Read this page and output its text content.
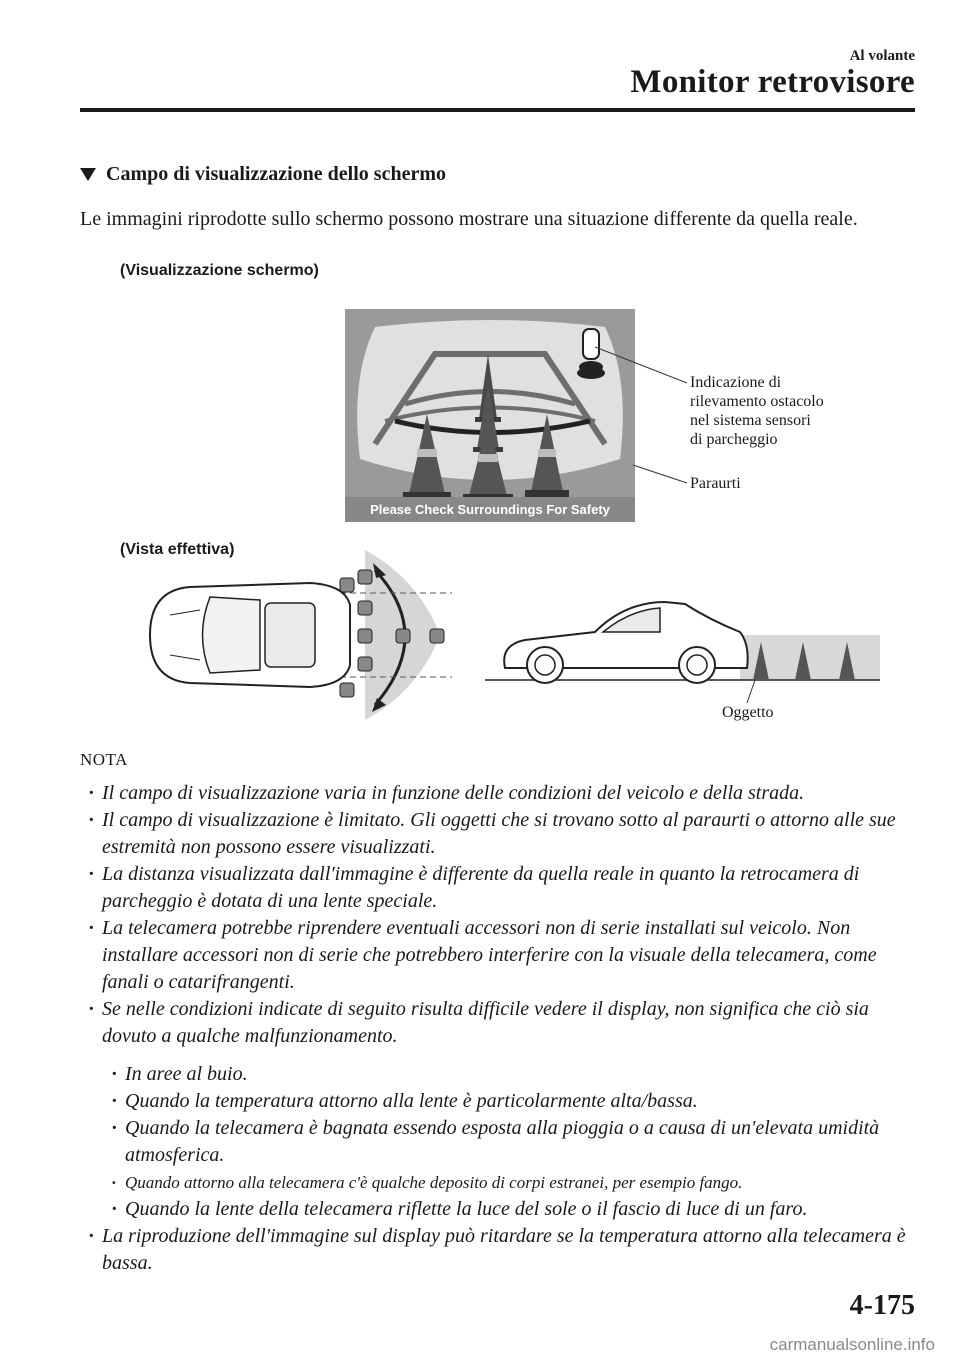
Al volante
Monitor retrovisore
Campo di visualizzazione dello schermo
Le immagini riprodotte sullo schermo possono mostrare una situazione differente da quella reale.
(Visualizzazione schermo)
Please Check Surroundings For Safety
Indicazione di
rilevamento ostacolo
nel sistema sensori
di parcheggio
Paraurti
(Vista effettiva)
Oggetto
NOTA
· Il campo di visualizzazione varia in funzione delle condizioni del veicolo e della strada.
· Il campo di visualizzazione è limitato. Gli oggetti che si trovano sotto al paraurti o attorno alle sue estremità non possono essere visualizzati.
· La distanza visualizzata dall'immagine è differente da quella reale in quanto la retrocamera di parcheggio è dotata di una lente speciale.
· La telecamera potrebbe riprendere eventuali accessori non di serie installati sul veicolo. Non installare accessori non di serie che potrebbero interferire con la visuale della telecamera, come fanali o catarifrangenti.
· Se nelle condizioni indicate di seguito risulta difficile vedere il display, non significa che ciò sia dovuto a qualche malfunzionamento.
· In aree al buio.
· Quando la temperatura attorno alla lente è particolarmente alta/bassa.
· Quando la telecamera è bagnata essendo esposta alla pioggia o a causa di un'elevata umidità atmosferica.
· Quando attorno alla telecamera c'è qualche deposito di corpi estranei, per esempio fango.
· Quando la lente della telecamera riflette la luce del sole o il fascio di luce di un faro.
· La riproduzione dell'immagine sul display può ritardare se la temperatura attorno alla telecamera è bassa.
4-175
carmanualsonline.info
